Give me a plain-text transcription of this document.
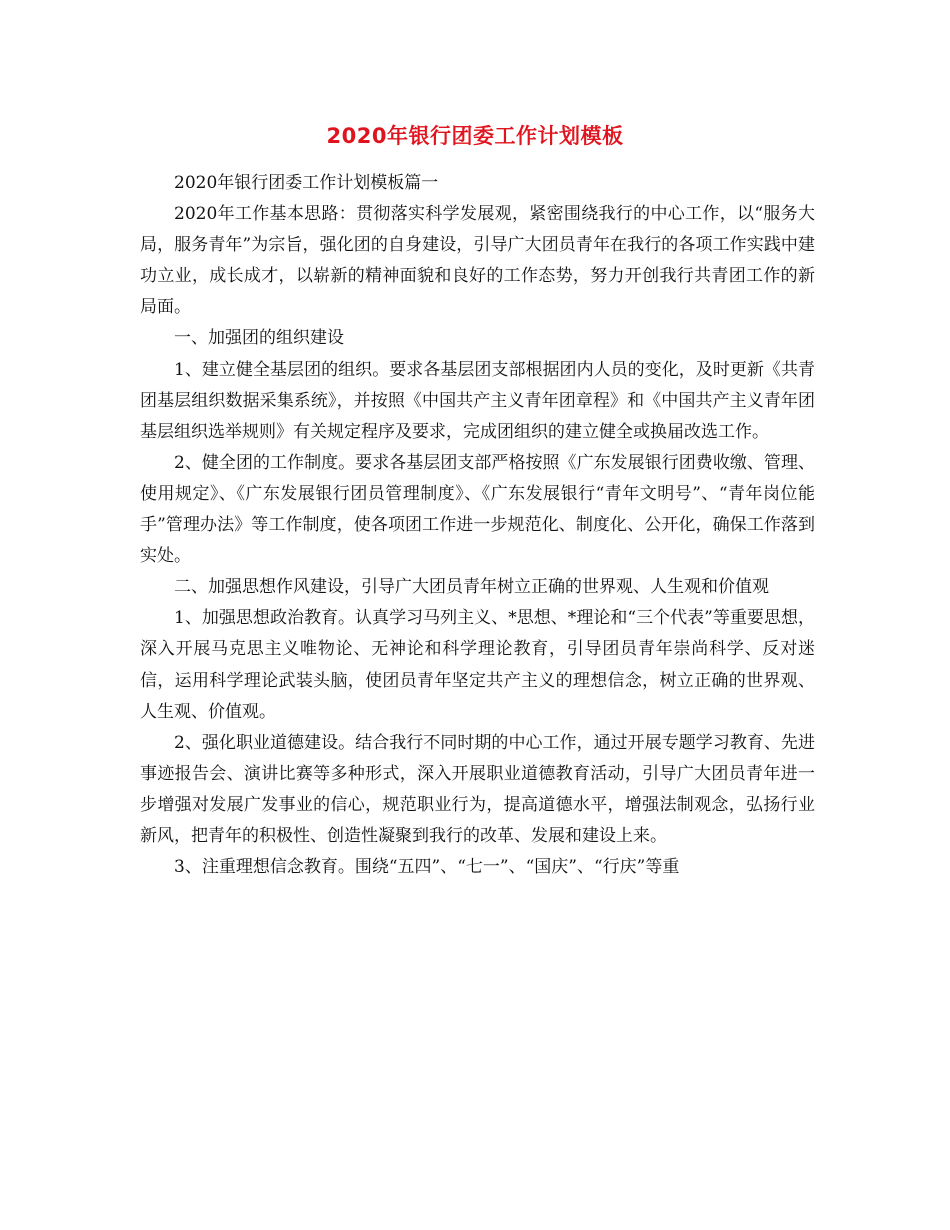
2020年银行团委工作计划模板

2020年银行团委工作计划模板篇一

2020年工作基本思路：贯彻落实科学发展观，紧密围绕我行的中心工作，以“服务大局，服务青年”为宗旨，强化团的自身建设，引导广大团员青年在我行的各项工作实践中建功立业，成长成才，以崭新的精神面貌和良好的工作态势，努力开创我行共青团工作的新局面。

一、加强团的组织建设

1、建立健全基层团的组织。要求各基层团支部根据团内人员的变化，及时更新《共青团基层组织数据采集系统》，并按照《中国共产主义青年团章程》和《中国共产主义青年团基层组织选举规则》有关规定程序及要求，完成团组织的建立健全或换届改选工作。

2、健全团的工作制度。要求各基层团支部严格按照《广东发展银行团费收缴、管理、使用规定》、《广东发展银行团员管理制度》、《广东发展银行“青年文明号”、“青年岗位能手”管理办法》等工作制度，使各项团工作进一步规范化、制度化、公开化，确保工作落到实处。

二、加强思想作风建设，引导广大团员青年树立正确的世界观、人生观和价值观

1、加强思想政治教育。认真学习马列主义、*思想、*理论和“三个代表”等重要思想，深入开展马克思主义唯物论、无神论和科学理论教育，引导团员青年崇尚科学、反对迷信，运用科学理论武装头脑，使团员青年坚定共产主义的理想信念，树立正确的世界观、人生观、价值观。

2、强化职业道德建设。结合我行不同时期的中心工作，通过开展专题学习教育、先进事迹报告会、演讲比赛等多种形式，深入开展职业道德教育活动，引导广大团员青年进一步增强对发展广发事业的信心，规范职业行为，提高道德水平，增强法制观念，弘扬行业新风，把青年的积极性、创造性凝聚到我行的改革、发展和建设上来。

3、注重理想信念教育。围绕“五四”、“七一”、“国庆”、“行庆”等重
